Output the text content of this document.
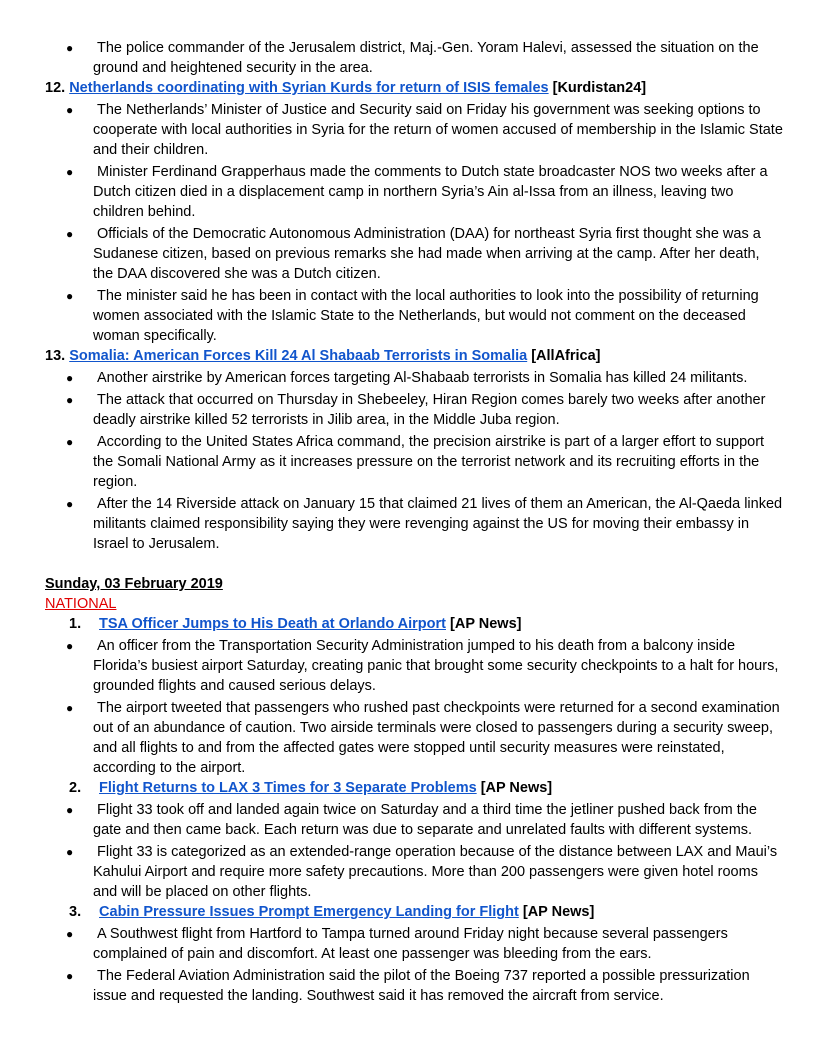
● The police commander of the Jerusalem district, Maj.-Gen. Yoram Halevi, assessed the situation on the ground and heightened security in the area.
12. Netherlands coordinating with Syrian Kurds for return of ISIS females [Kurdistan24]
● The Netherlands’ Minister of Justice and Security said on Friday his government was seeking options to cooperate with local authorities in Syria for the return of women accused of membership in the Islamic State and their children.
● Minister Ferdinand Grapperhaus made the comments to Dutch state broadcaster NOS two weeks after a Dutch citizen died in a displacement camp in northern Syria’s Ain al-Issa from an illness, leaving two children behind.
● Officials of the Democratic Autonomous Administration (DAA) for northeast Syria first thought she was a Sudanese citizen, based on previous remarks she had made when arriving at the camp. After her death, the DAA discovered she was a Dutch citizen.
● The minister said he has been in contact with the local authorities to look into the possibility of returning women associated with the Islamic State to the Netherlands, but would not comment on the deceased woman specifically.
13. Somalia: American Forces Kill 24 Al Shabaab Terrorists in Somalia [AllAfrica]
● Another airstrike by American forces targeting Al-Shabaab terrorists in Somalia has killed 24 militants.
● The attack that occurred on Thursday in Shebeeley, Hiran Region comes barely two weeks after another deadly airstrike killed 52 terrorists in Jilib area, in the Middle Juba region.
● According to the United States Africa command, the precision airstrike is part of a larger effort to support the Somali National Army as it increases pressure on the terrorist network and its recruiting efforts in the region.
● After the 14 Riverside attack on January 15 that claimed 21 lives of them an American, the Al-Qaeda linked militants claimed responsibility saying they were revenging against the US for moving their embassy in Israel to Jerusalem.
Sunday, 03 February 2019
NATIONAL
1. TSA Officer Jumps to His Death at Orlando Airport [AP News]
● An officer from the Transportation Security Administration jumped to his death from a balcony inside Florida’s busiest airport Saturday, creating panic that brought some security checkpoints to a halt for hours, grounded flights and caused serious delays.
● The airport tweeted that passengers who rushed past checkpoints were returned for a second examination out of an abundance of caution. Two airside terminals were closed to passengers during a security sweep, and all flights to and from the affected gates were stopped until security measures were reinstated, according to the airport.
2. Flight Returns to LAX 3 Times for 3 Separate Problems [AP News]
● Flight 33 took off and landed again twice on Saturday and a third time the jetliner pushed back from the gate and then came back. Each return was due to separate and unrelated faults with different systems.
● Flight 33 is categorized as an extended-range operation because of the distance between LAX and Maui’s Kahului Airport and require more safety precautions. More than 200 passengers were given hotel rooms and will be placed on other flights.
3. Cabin Pressure Issues Prompt Emergency Landing for Flight [AP News]
● A Southwest flight from Hartford to Tampa turned around Friday night because several passengers complained of pain and discomfort. At least one passenger was bleeding from the ears.
● The Federal Aviation Administration said the pilot of the Boeing 737 reported a possible pressurization issue and requested the landing. Southwest said it has removed the aircraft from service.
